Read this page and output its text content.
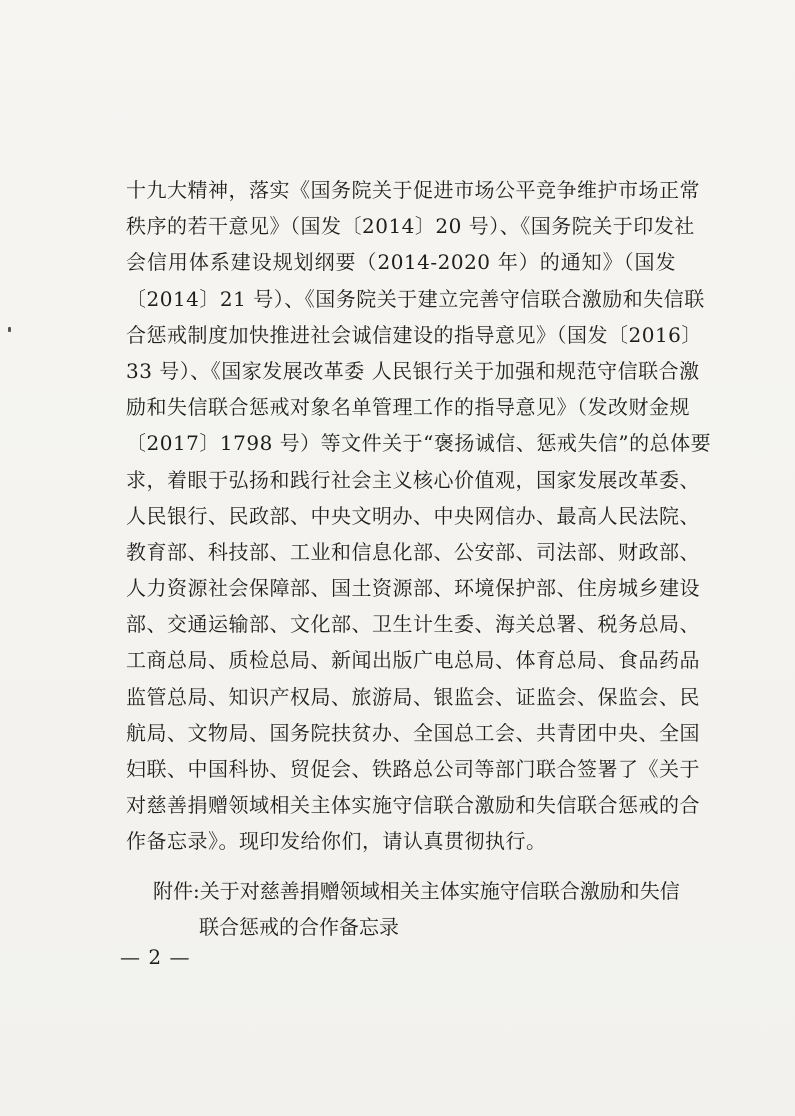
十九大精神，落实《国务院关于促进市场公平竞争维护市场正常
秩序的若干意见》（国发〔2014〕20 号）、《国务院关于印发社
会信用体系建设规划纲要（2014-2020 年）的通知》（国发
〔2014〕21 号）、《国务院关于建立完善守信联合激励和失信联
合惩戒制度加快推进社会诚信建设的指导意见》（国发〔2016〕
33 号）、《国家发展改革委 人民银行关于加强和规范守信联合激
励和失信联合惩戒对象名单管理工作的指导意见》（发改财金规
〔2017〕1798 号）等文件关于“褒扬诚信、惩戒失信”的总体要
求，着眼于弘扬和践行社会主义核心价值观，国家发展改革委、
人民银行、民政部、中央文明办、中央网信办、最高人民法院、
教育部、科技部、工业和信息化部、公安部、司法部、财政部、
人力资源社会保障部、国土资源部、环境保护部、住房城乡建设
部、交通运输部、文化部、卫生计生委、海关总署、税务总局、
工商总局、质检总局、新闻出版广电总局、体育总局、食品药品
监管总局、知识产权局、旅游局、银监会、证监会、保监会、民
航局、文物局、国务院扶贫办、全国总工会、共青团中央、全国
妇联、中国科协、贸促会、铁路总公司等部门联合签署了《关于
对慈善捐赠领域相关主体实施守信联合激励和失信联合惩戒的合
作备忘录》。现印发给你们，请认真贯彻执行。
附件:关于对慈善捐赠领域相关主体实施守信联合激励和失信
联合惩戒的合作备忘录
— 2 —
